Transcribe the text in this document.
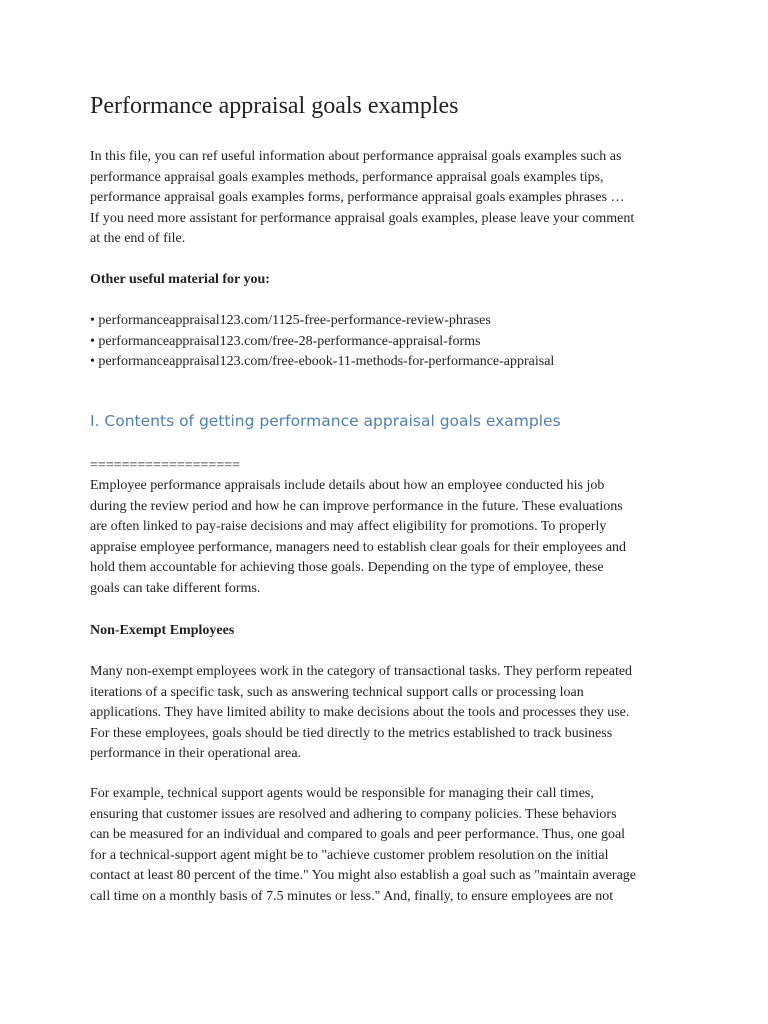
Performance appraisal goals examples
In this file, you can ref useful information about performance appraisal goals examples such as
performance appraisal goals examples methods, performance appraisal goals examples tips,
performance appraisal goals examples forms, performance appraisal goals examples phrases …
If you need more assistant for performance appraisal goals examples, please leave your comment
at the end of file.
Other useful material for you:
• performanceappraisal123.com/1125-free-performance-review-phrases
• performanceappraisal123.com/free-28-performance-appraisal-forms
• performanceappraisal123.com/free-ebook-11-methods-for-performance-appraisal
I. Contents of getting performance appraisal goals examples
===================
Employee performance appraisals include details about how an employee conducted his job
during the review period and how he can improve performance in the future. These evaluations
are often linked to pay-raise decisions and may affect eligibility for promotions. To properly
appraise employee performance, managers need to establish clear goals for their employees and
hold them accountable for achieving those goals. Depending on the type of employee, these
goals can take different forms.
Non-Exempt Employees
Many non-exempt employees work in the category of transactional tasks. They perform repeated
iterations of a specific task, such as answering technical support calls or processing loan
applications. They have limited ability to make decisions about the tools and processes they use.
For these employees, goals should be tied directly to the metrics established to track business
performance in their operational area.
For example, technical support agents would be responsible for managing their call times,
ensuring that customer issues are resolved and adhering to company policies. These behaviors
can be measured for an individual and compared to goals and peer performance. Thus, one goal
for a technical-support agent might be to "achieve customer problem resolution on the initial
contact at least 80 percent of the time." You might also establish a goal such as "maintain average
call time on a monthly basis of 7.5 minutes or less." And, finally, to ensure employees are not
